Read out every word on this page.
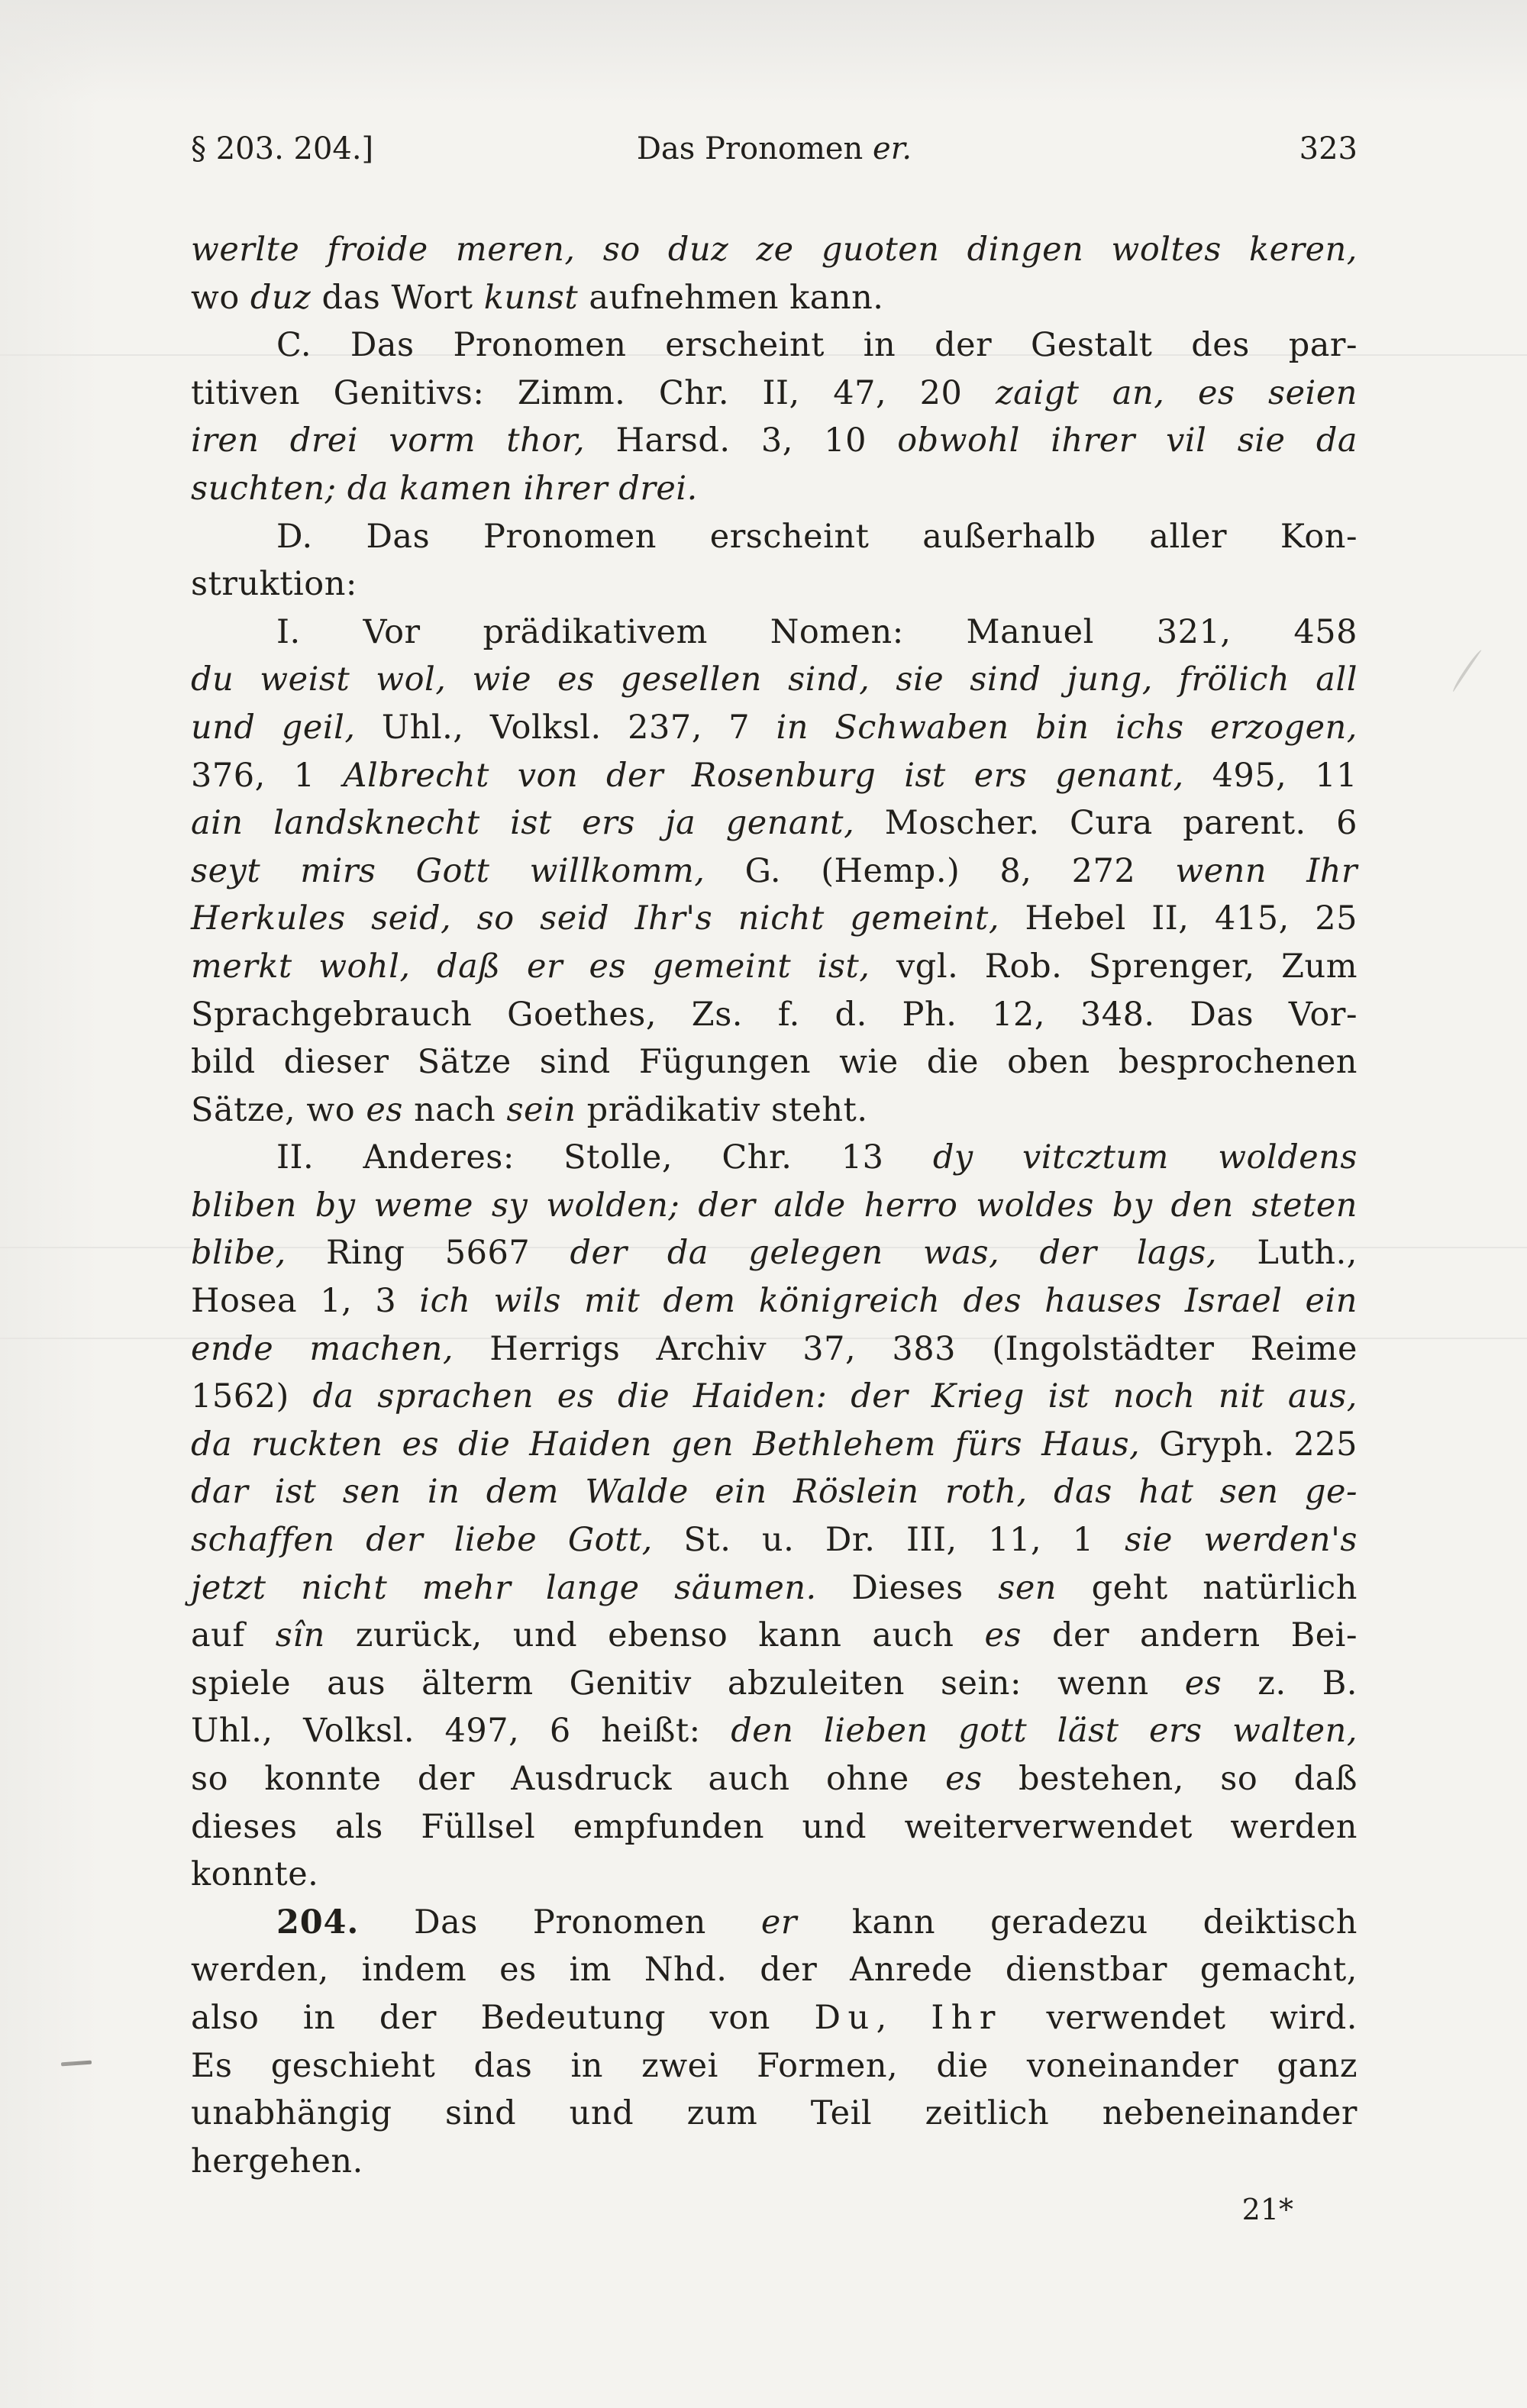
§ 203. 204.]	Das Pronomen er.	323
werlte froide meren, so duz ze guoten dingen woltes keren,
wo duz das Wort kunst aufnehmen kann.
C. Das Pronomen erscheint in der Gestalt des par-
titiven Genitivs: Zimm. Chr. II, 47, 20 zaigt an, es seien
iren drei vorm thor, Harsd. 3, 10 obwohl ihrer vil sie da
suchten; da kamen ihrer drei.
D. Das Pronomen erscheint außerhalb aller Kon-
struktion:
I. Vor prädikativem Nomen: Manuel 321, 458
du weist wol, wie es gesellen sind, sie sind jung, frölich all
und geil, Uhl., Volksl. 237, 7 in Schwaben bin ichs erzogen,
376, 1 Albrecht von der Rosenburg ist ers genant, 495, 11
ain landsknecht ist ers ja genant, Moscher. Cura parent. 6
seyt mirs Gott willkomm, G. (Hemp.) 8, 272 wenn Ihr
Herkules seid, so seid Ihr's nicht gemeint, Hebel II, 415, 25
merkt wohl, daß er es gemeint ist, vgl. Rob. Sprenger, Zum
Sprachgebrauch Goethes, Zs. f. d. Ph. 12, 348. Das Vor-
bild dieser Sätze sind Fügungen wie die oben besprochenen
Sätze, wo es nach sein prädikativ steht.
II. Anderes: Stolle, Chr. 13 dy vitcztum woldens
bliben by weme sy wolden; der alde herro woldes by den steten
blibe, Ring 5667 der da gelegen was, der lags, Luth.,
Hosea 1, 3 ich wils mit dem königreich des hauses Israel ein
ende machen, Herrigs Archiv 37, 383 (Ingolstädter Reime
1562) da sprachen es die Haiden: der Krieg ist noch nit aus,
da ruckten es die Haiden gen Bethlehem fürs Haus, Gryph. 225
dar ist sen in dem Walde ein Röslein roth, das hat sen ge-
schaffen der liebe Gott, St. u. Dr. III, 11, 1 sie werden's
jetzt nicht mehr lange säumen. Dieses sen geht natürlich
auf sîn zurück, und ebenso kann auch es der andern Bei-
spiele aus älterm Genitiv abzuleiten sein: wenn es z. B.
Uhl., Volksl. 497, 6 heißt: den lieben gott läst ers walten,
so konnte der Ausdruck auch ohne es bestehen, so daß
dieses als Füllsel empfunden und weiterverwendet werden
konnte.
204. Das Pronomen er kann geradezu deiktisch
werden, indem es im Nhd. der Anrede dienstbar gemacht,
also in der Bedeutung von Du, Ihr verwendet wird.
Es geschieht das in zwei Formen, die voneinander ganz
unabhängig sind und zum Teil zeitlich nebeneinander
hergehen.
21*
